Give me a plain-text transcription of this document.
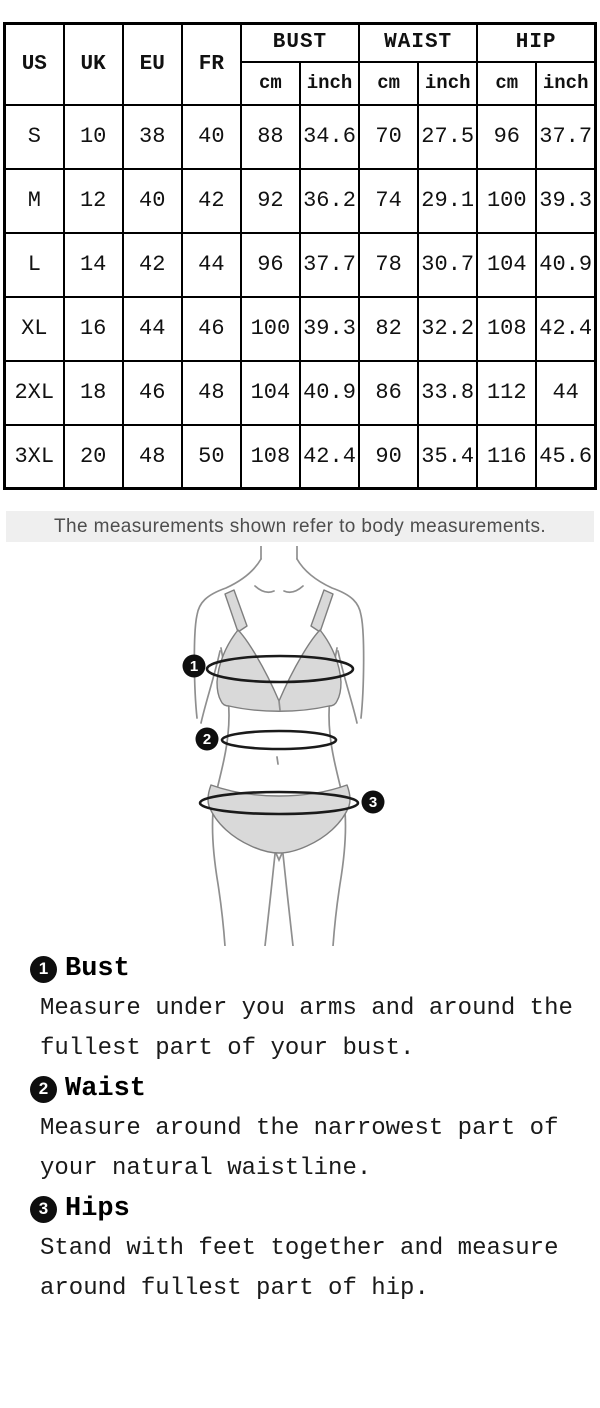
US	UK	EU	FR	BUST		WAIST		HIP	
				cm	inch	cm	inch	cm	inch
S	10	38	40	88	34.6	70	27.5	96	37.7
M	12	40	42	92	36.2	74	29.1	100	39.3
L	14	42	44	96	37.7	78	30.7	104	40.9
XL	16	44	46	100	39.3	82	32.2	108	42.4
2XL	18	46	48	104	40.9	86	33.8	112	44
3XL	20	48	50	108	42.4	90	35.4	116	45.6
The measurements shown refer to body measurements.
1
2
3
1 Bust
Measure under you arms and around the fullest part of your bust.
2 Waist
Measure around the narrowest part of your natural waistline.
3 Hips
Stand with feet together and measure around fullest part of hip.
